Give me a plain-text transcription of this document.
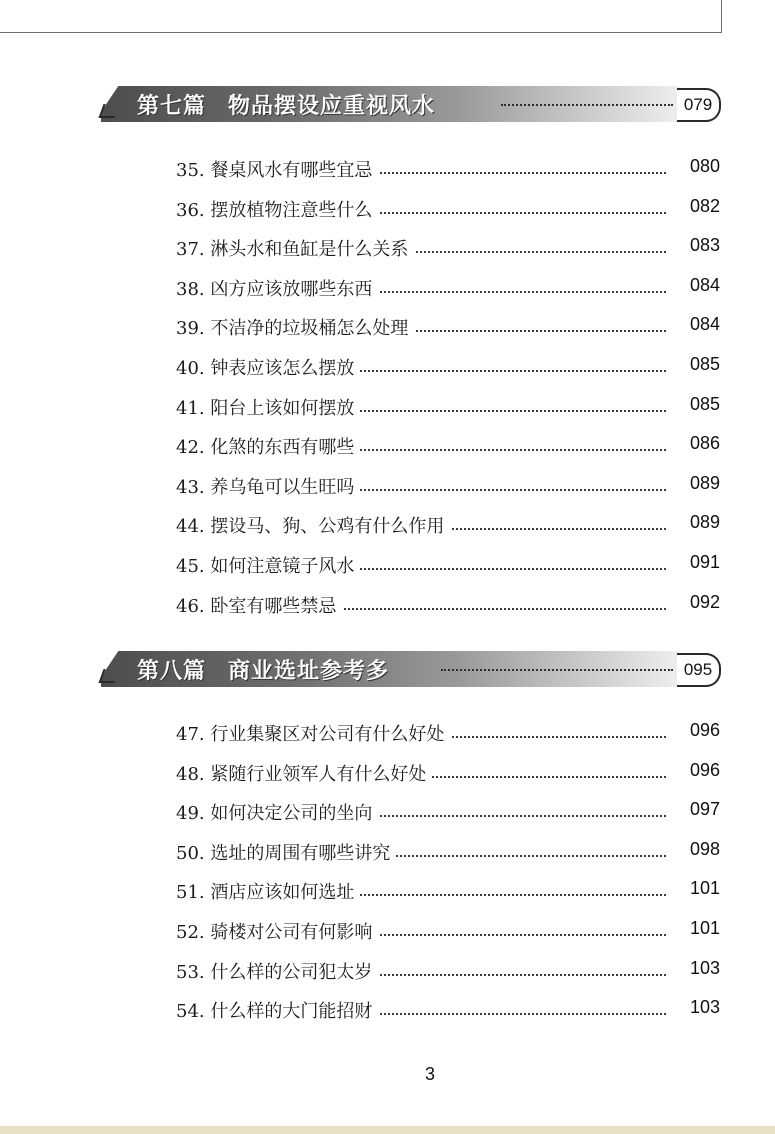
第七篇 物品摆设应重视风水	079
35. 餐桌风水有哪些宜忌	080
36. 摆放植物注意些什么	082
37. 淋头水和鱼缸是什么关系	083
38. 凶方应该放哪些东西	084
39. 不洁净的垃圾桶怎么处理	084
40. 钟表应该怎么摆放	085
41. 阳台上该如何摆放	085
42. 化煞的东西有哪些	086
43. 养乌龟可以生旺吗	089
44. 摆设马、狗、公鸡有什么作用	089
45. 如何注意镜子风水	091
46. 卧室有哪些禁忌	092
第八篇 商业选址参考多	095
47. 行业集聚区对公司有什么好处	096
48. 紧随行业领军人有什么好处	096
49. 如何决定公司的坐向	097
50. 选址的周围有哪些讲究	098
51. 酒店应该如何选址	101
52. 骑楼对公司有何影响	101
53. 什么样的公司犯太岁	103
54. 什么样的大门能招财	103
3
